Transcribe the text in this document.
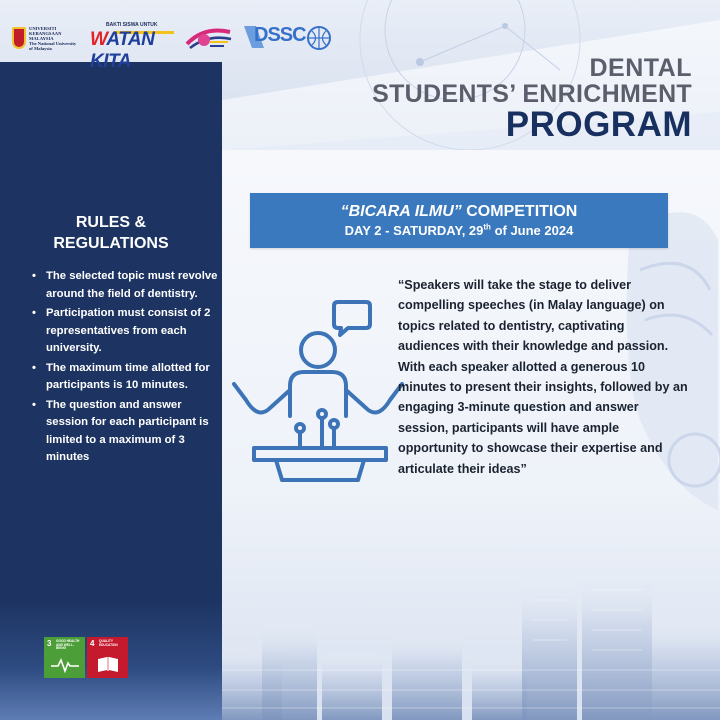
UNIVERSITI
KEBANGSAAN
MALAYSIA
The National University
of Malaysia
BAKTI SISWA UNTUK
WATAN KITA
DSSC
DENTAL
STUDENTS’ ENRICHMENT
PROGRAM
RULES &
REGULATIONS
• The selected topic must revolve around the field of dentistry.
• Participation must consist of 2 representatives from each university.
• The maximum time allotted for participants is 10 minutes.
• The question and answer session for each participant is limited to a maximum of 3 minutes
“BICARA ILMU” COMPETITION
DAY 2 - SATURDAY, 29th of June 2024
“Speakers will take the stage to deliver compelling speeches (in Malay language) on topics related to dentistry, captivating audiences with their knowledge and passion. With each speaker allotted a generous 10 minutes to present their insights, followed by an engaging 3-minute question and answer session, participants will have ample opportunity to showcase their expertise and articulate their ideas”
3 GOOD HEALTH AND WELL-BEING
4 QUALITY EDUCATION
